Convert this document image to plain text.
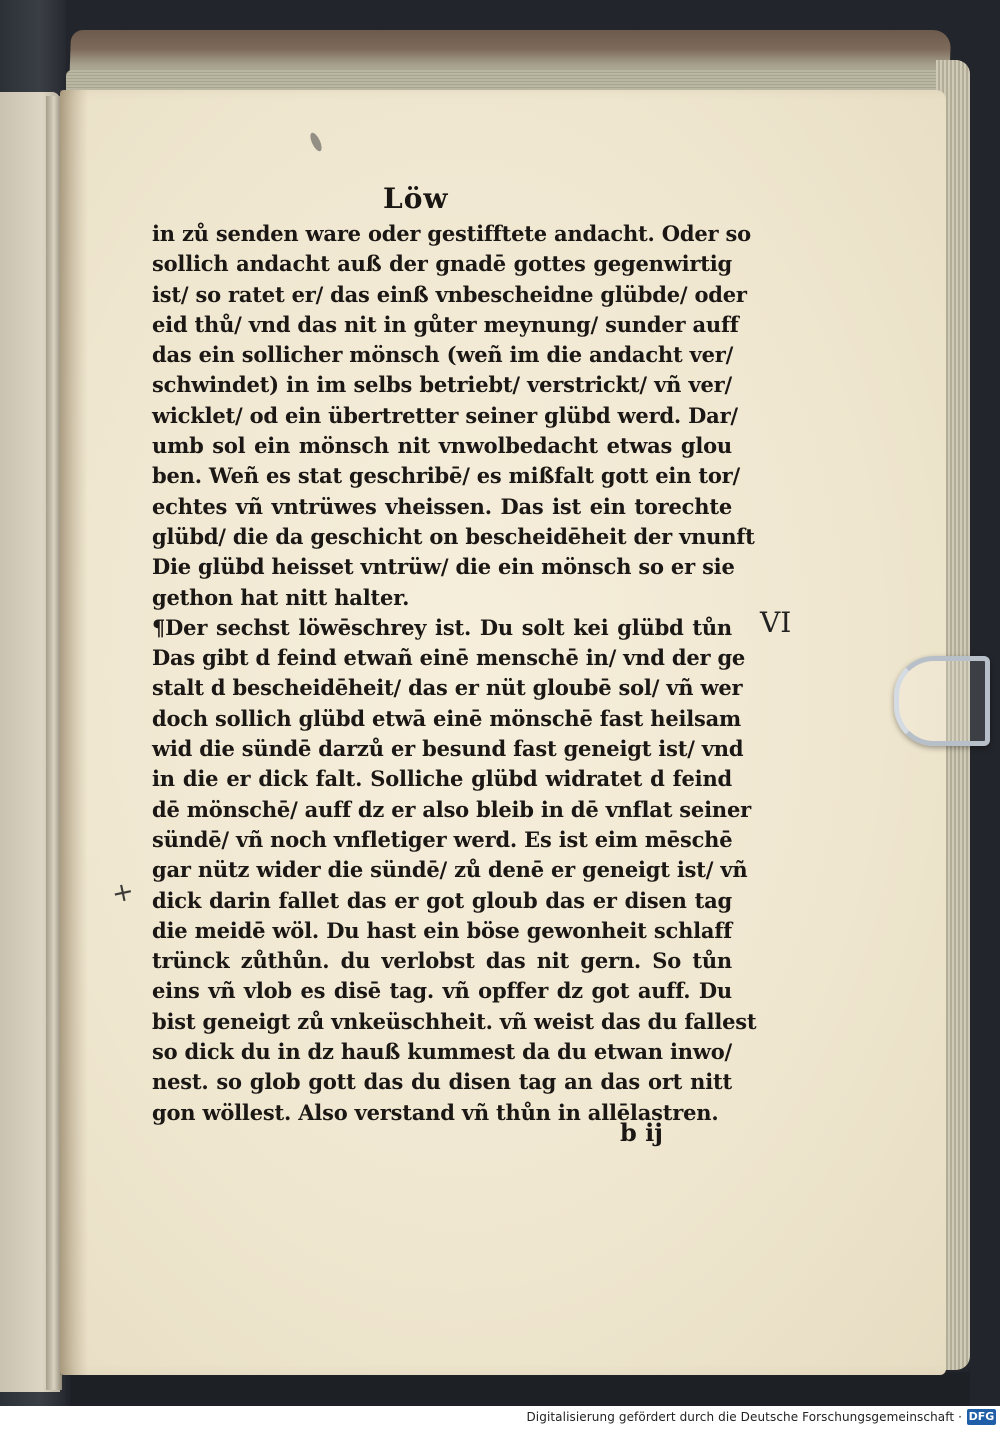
Löw
in zů senden ware oder gestifftete andacht. Oder so
sollich andacht auß der gnadē gottes gegenwirtig
ist/ so ratet er/ das einß vnbescheidne glübde/ oder
eid thů/ vnd das nit in gůter meynung/ sunder auff
das ein sollicher mönsch (weñ im die andacht ver/
schwindet) in im selbs betriebt/ verstrickt/ vñ ver/
wicklet/ od ein übertretter seiner glübd werd. Dar/
umb sol ein mönsch nit vnwolbedacht etwas glou
ben. Weñ es stat geschribē/ es mißfalt gott ein tor/
echtes vñ vntrüwes vheissen. Das ist ein torechte
glübd/ die da geschicht on bescheidēheit der vnunft
Die glübd heisset vntrüw/ die ein mönsch so er sie
gethon hat nitt halter.
¶Der sechst löwēschrey ist. Du solt kei glübd tůn
Das gibt d feind etwañ einē menschē in/ vnd der ge
stalt d bescheidēheit/ das er nüt gloubē sol/ vñ wer
doch sollich glübd etwā einē mönschē fast heilsam
wid die sündē darzů er besund fast geneigt ist/ vnd
in die er dick falt. Solliche glübd widratet d feind
dē mönschē/ auff dz er also bleib in dē vnflat seiner
sündē/ vñ noch vnfletiger werd. Es ist eim mēschē
gar nütz wider die sündē/ zů denē er geneigt ist/ vñ
dick darin fallet das er got gloub das er disen tag
die meidē wöl. Du hast ein böse gewonheit schlaff
trünck zůthůn. du verlobst das nit gern. So tůn
eins vñ vlob es disē tag. vñ opffer dz got auff. Du
bist geneigt zů vnkeüschheit. vñ weist das du fallest
so dick du in dz hauß kummest da du etwan inwo/
nest. so glob gott das du disen tag an das ort nitt
gon wöllest. Also verstand vñ thůn in allēlastren.
VI
+
b ij
Digitalisierung gefördert durch die Deutsche Forschungsgemeinschaft · DFG
